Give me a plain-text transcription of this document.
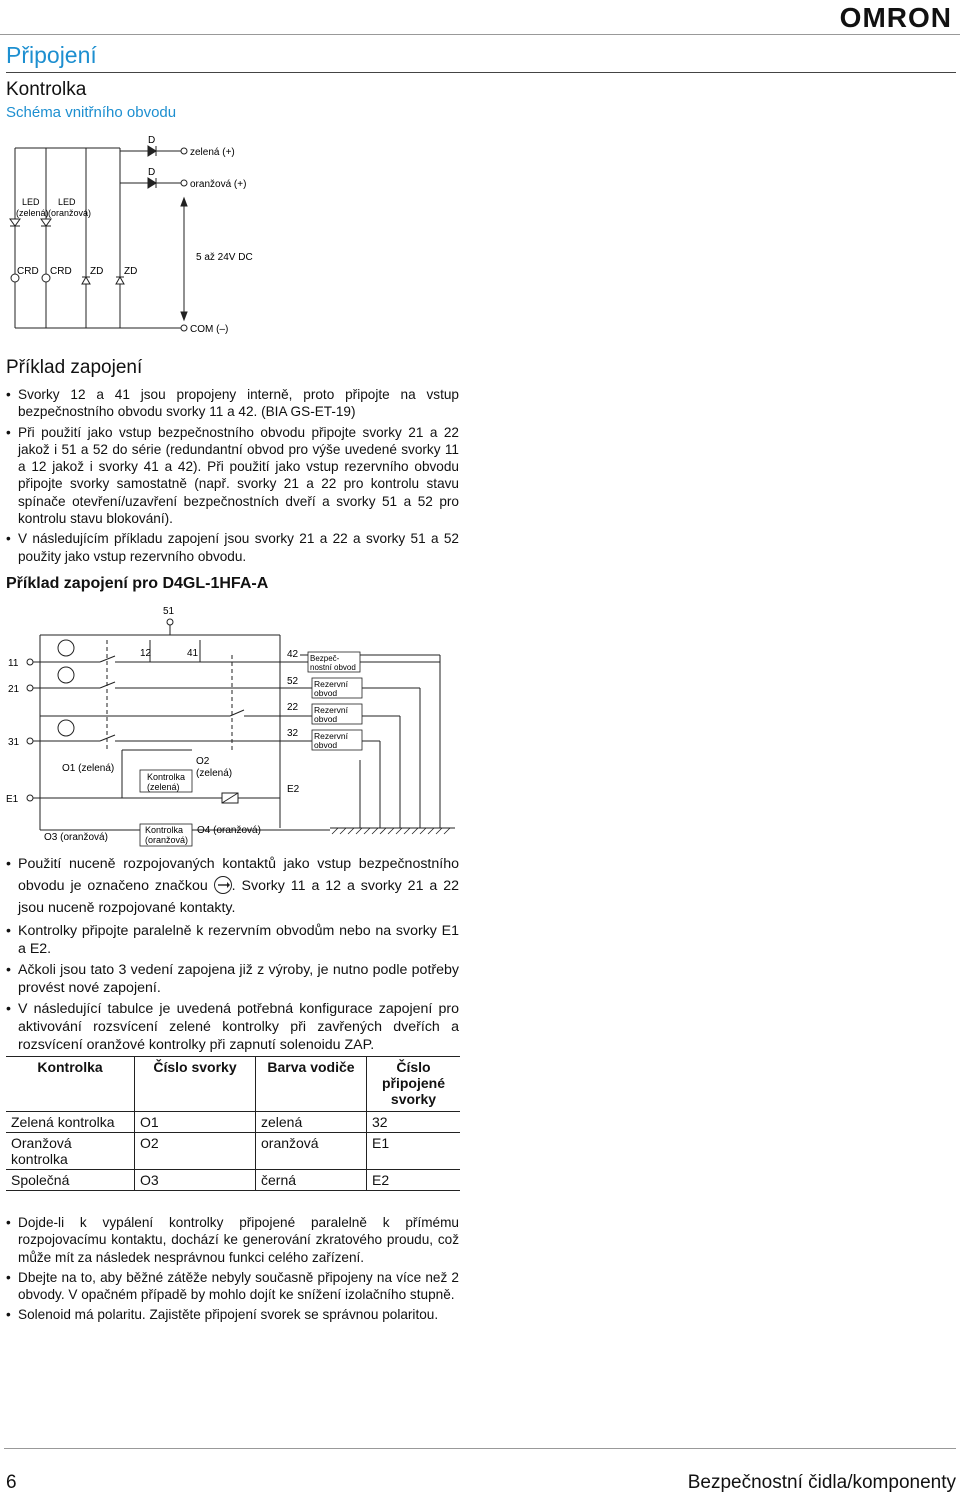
OMRON
Připojení
Kontrolka
Schéma vnitřního obvodu
D
D
zelená (+)
oranžová (+)
LED
(zelená)
LED
(oranžová)
CRD CRD ZD ZD
5 až 24V DC
COM (–)
Příklad zapojení
• Svorky 12 a 41 jsou propojeny interně, proto připojte na vstup bezpečnostního obvodu svorky 11 a 42. (BIA GS-ET-19)
• Při použití jako vstup bezpečnostního obvodu připojte svorky 21 a 22 jakož i 51 a 52 do série (redundantní obvod pro výše uvedené svorky 11 a 12 jakož i svorky 41 a 42). Při použití jako vstup rezervního obvodu připojte svorky samostatně (např. svorky 21 a 22 pro kontrolu stavu spínače otevření/uzavření bezpečnostních dveří a svorky 51 a 52 pro kontrolu stavu blokování).
• V následujícím příkladu zapojení jsou svorky 21 a 22 a svorky 51 a 52 použity jako vstup rezervního obvodu.
Příklad zapojení pro D4GL-1HFA-A
51
11
21
31
E1
12	41	42
52
22
32
E2
Bezpeč-
nostní obvod
Rezervní
obvod
Rezervní
obvod
Rezervní
obvod
O1 (zelená)
O2
(zelená)
Kontrolka
(zelená)
O3 (oranžová)
Kontrolka
(oranžová)
O4 (oranžová)
• Použití nuceně rozpojovaných kontaktů jako vstup bezpečnostního obvodu je označeno značkou . Svorky 11 a 12 a svorky 21 a 22 jsou nuceně rozpojované kontakty.
• Kontrolky připojte paralelně k rezervním obvodům nebo na svorky E1 a E2.
• Ačkoli jsou tato 3 vedení zapojena již z výroby, je nutno podle potřeby provést nové zapojení.
• V následující tabulce je uvedená potřebná konfigurace zapojení pro aktivování rozsvícení zelené kontrolky při zavřených dveřích a rozsvícení oranžové kontrolky při zapnutí solenoidu ZAP.
Kontrolka	Číslo svorky	Barva vodiče	Číslo připojené svorky
Zelená kontrolka	O1	zelená	32
Oranžová kontrolka	O2	oranžová	E1
Společná	O3	černá	E2
• Dojde-li k vypálení kontrolky připojené paralelně k přímému rozpojovacímu kontaktu, dochází ke generování zkratového proudu, což může mít za následek nesprávnou funkci celého zařízení.
• Dbejte na to, aby běžné zátěže nebyly současně připojeny na více než 2 obvody. V opačném případě by mohlo dojít ke snížení izolačního stupně.
• Solenoid má polaritu. Zajistěte připojení svorek se správnou polaritou.
6	Bezpečnostní čidla/komponenty
